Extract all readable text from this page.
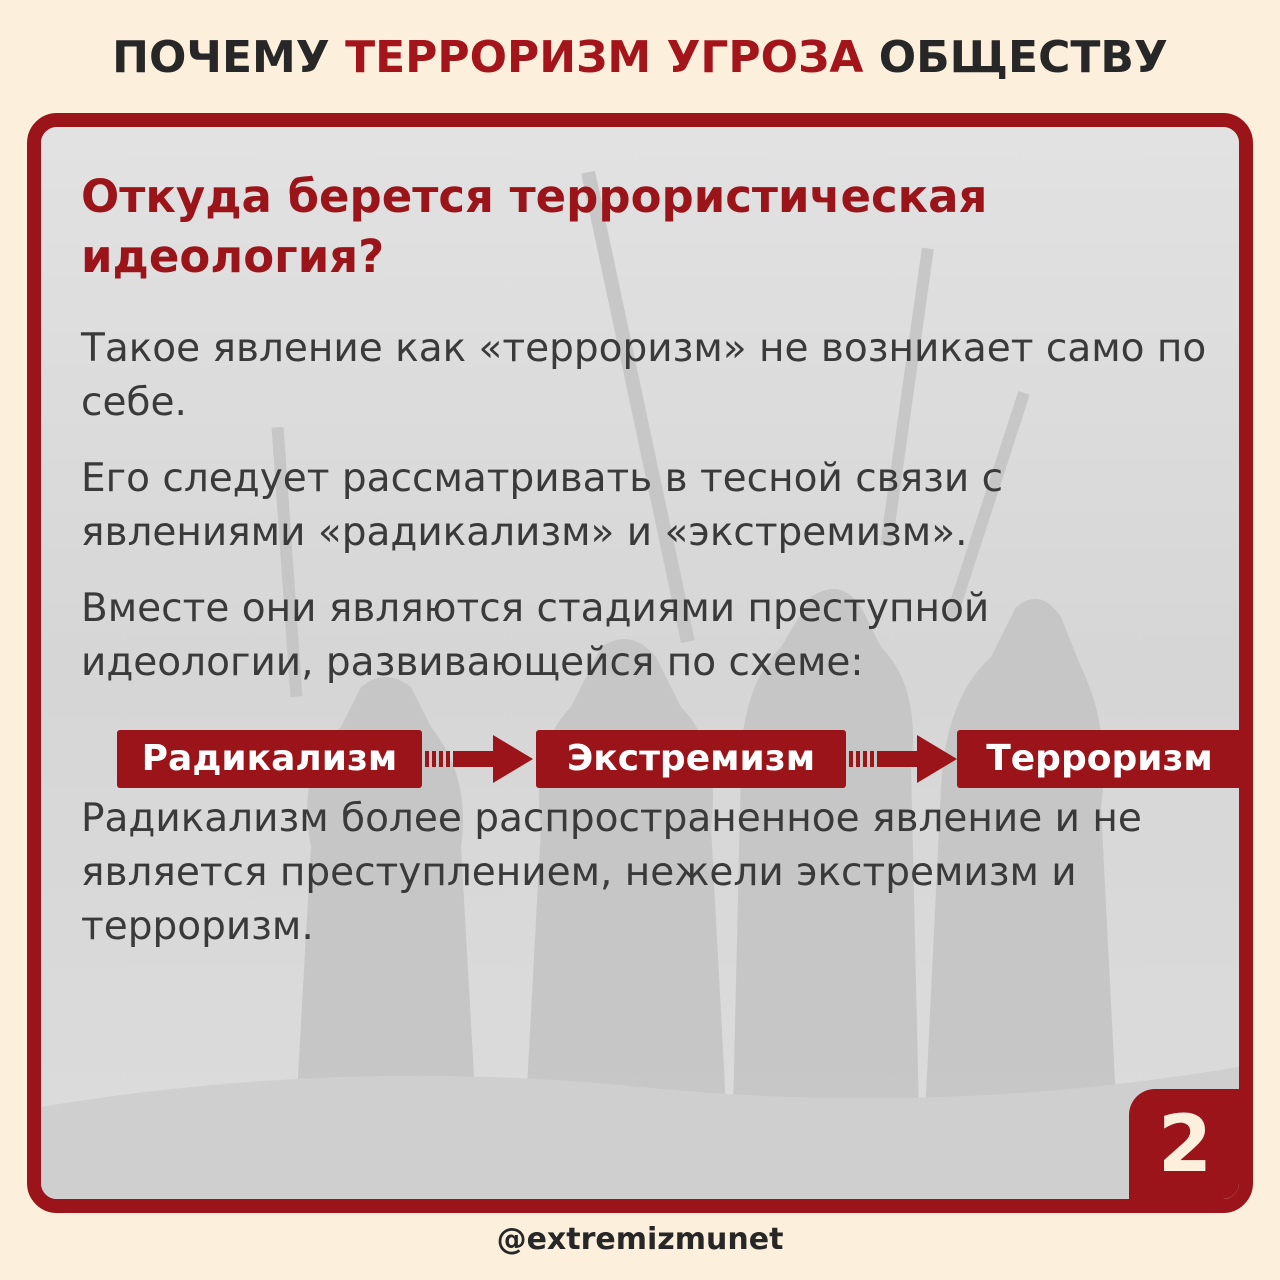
ПОЧЕМУ ТЕРРОРИЗМ УГРОЗА ОБЩЕСТВУ
Откуда берется террористическая идеология?
Такое явление как «терроризм» не возникает само по себе.
Его следует рассматривать в тесной связи с явлениями «радикализм» и «экстремизм».
Вместе они являются стадиями преступной идеологии, развивающейся по схеме:
Радикализм	Экстремизм	Терроризм
Радикализм более распространенное явление и не является преступлением, нежели экстремизм и терроризм.
2
@extremizmunet
